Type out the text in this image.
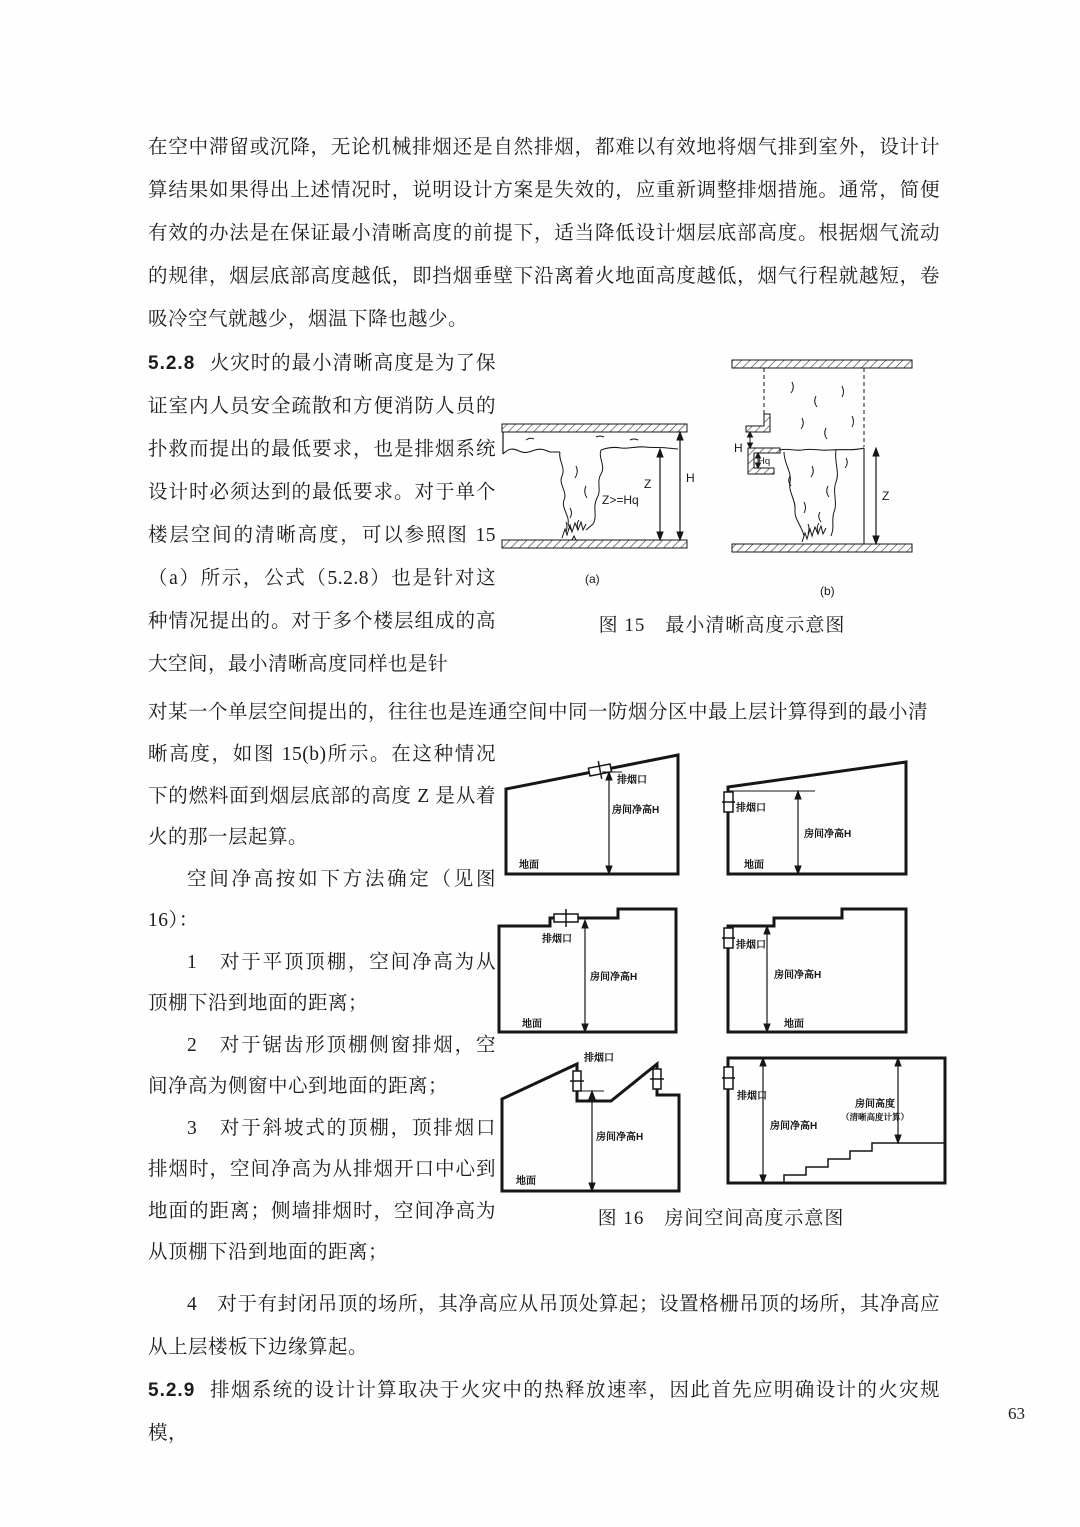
在空中滞留或沉降，无论机械排烟还是自然排烟，都难以有效地将烟气排到室外，设计计算结果如果得出上述情况时，说明设计方案是失效的，应重新调整排烟措施。通常，简便有效的办法是在保证最小清晰高度的前提下，适当降低设计烟层底部高度。根据烟气流动的规律，烟层底部高度越低，即挡烟垂壁下沿离着火地面高度越低，烟气行程就越短，卷吸冷空气就越少，烟温下降也越少。

5.2.8 火灾时的最小清晰高度是为了保证室内人员安全疏散和方便消防人员的扑救而提出的最低要求，也是排烟系统设计时必须达到的最低要求。对于单个楼层空间的清晰高度，可以参照图 15（a）所示，公式（5.2.8）也是针对这种情况提出的。对于多个楼层组成的高大空间，最小清晰高度同样也是针

Z	H
Z>=Hq
(a)
H
Hq
Z
(b)
图 15　最小清晰高度示意图

对某一个单层空间提出的，往往也是连通空间中同一防烟分区中最上层计算得到的最小清

晰高度，如图 15(b)所示。在这种情况下的燃料面到烟层底部的高度 Z 是从着火的那一层起算。

空间净高按如下方法确定（见图16）：

1　对于平顶顶棚，空间净高为从顶棚下沿到地面的距离；

2　对于锯齿形顶棚侧窗排烟，空间净高为侧窗中心到地面的距离；

3　对于斜坡式的顶棚，顶排烟口排烟时，空间净高为从排烟开口中心到地面的距离；侧墙排烟时，空间净高为从顶棚下沿到地面的距离；

排烟口
房间净高H
地面
排烟口
房间净高H
地面
排烟口
房间净高H
地面
排烟口
房间净高H
地面
排烟口
房间净高H
地面
排烟口
房间净高H
房间高度
（清晰高度计算）
图 16　房间空间高度示意图

4　对于有封闭吊顶的场所，其净高应从吊顶处算起；设置格栅吊顶的场所，其净高应从上层楼板下边缘算起。

5.2.9 排烟系统的设计计算取决于火灾中的热释放速率，因此首先应明确设计的火灾规模，

63
